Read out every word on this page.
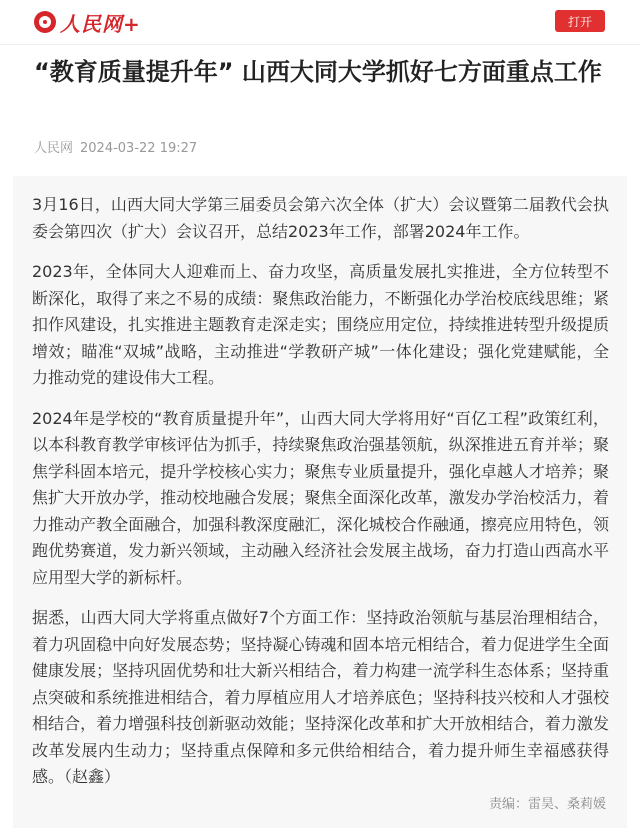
人民网+	打开
“教育质量提升年” 山西大同大学抓好七方面重点工作
人民网 2024-03-22 19:27

3月16日，山西大同大学第三届委员会第六次全体（扩大）会议暨第二届教代会执委会第四次（扩大）会议召开，总结2023年工作，部署2024年工作。

2023年，全体同大人迎难而上、奋力攻坚，高质量发展扎实推进，全方位转型不断深化，取得了来之不易的成绩：聚焦政治能力，不断强化办学治校底线思维；紧扣作风建设，扎实推进主题教育走深走实；围绕应用定位，持续推进转型升级提质增效；瞄准“双城”战略，主动推进“学教研产城”一体化建设；强化党建赋能，全力推动党的建设伟大工程。

2024年是学校的“教育质量提升年”，山西大同大学将用好“百亿工程”政策红利，以本科教育教学审核评估为抓手，持续聚焦政治强基领航，纵深推进五育并举；聚焦学科固本培元，提升学校核心实力；聚焦专业质量提升，强化卓越人才培养；聚焦扩大开放办学，推动校地融合发展；聚焦全面深化改革，激发办学治校活力，着力推动产教全面融合，加强科教深度融汇，深化城校合作融通，擦亮应用特色，领跑优势赛道，发力新兴领域，主动融入经济社会发展主战场，奋力打造山西高水平应用型大学的新标杆。

据悉，山西大同大学将重点做好7个方面工作：坚持政治领航与基层治理相结合，着力巩固稳中向好发展态势；坚持凝心铸魂和固本培元相结合，着力促进学生全面健康发展；坚持巩固优势和壮大新兴相结合，着力构建一流学科生态体系；坚持重点突破和系统推进相结合，着力厚植应用人才培养底色；坚持科技兴校和人才强校相结合，着力增强科技创新驱动效能；坚持深化改革和扩大开放相结合，着力激发改革发展内生动力；坚持重点保障和多元供给相结合，着力提升师生幸福感获得感。（赵鑫）

责编：雷昊、桑莉媛
